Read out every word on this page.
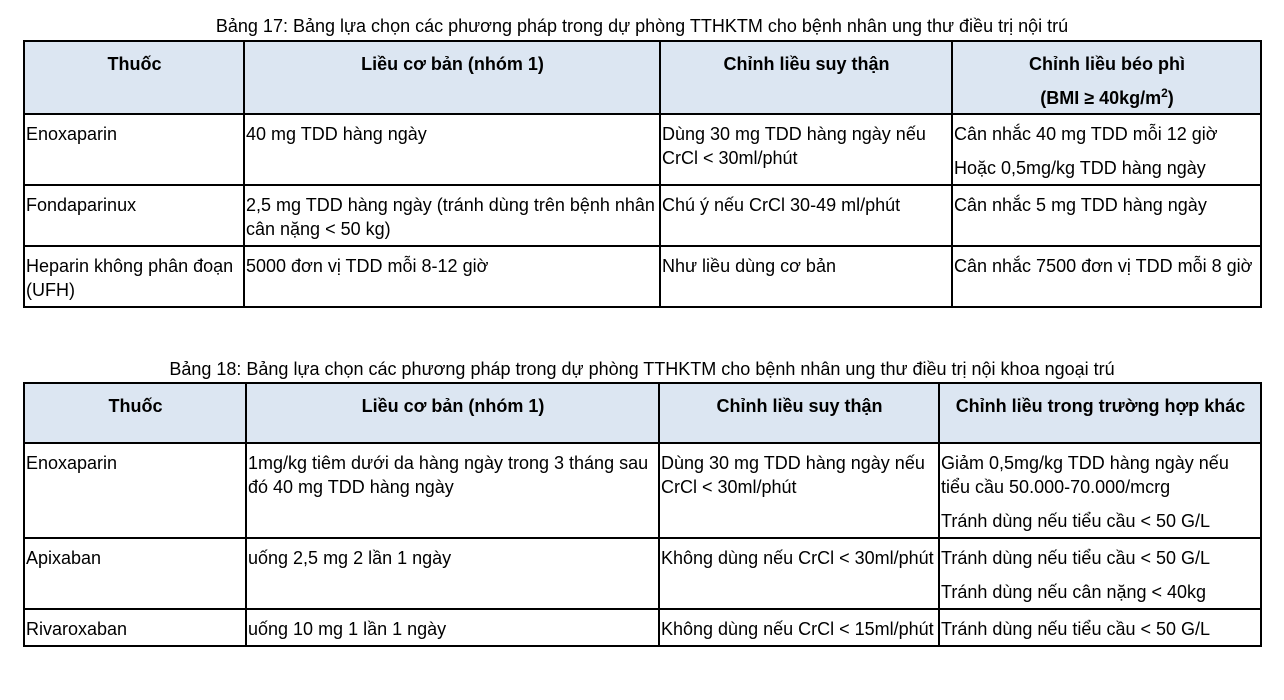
Bảng 17: Bảng lựa chọn các phương pháp trong dự phòng TTHKTM cho bệnh nhân ung thư điều trị nội trú
Thuốc	Liều cơ bản (nhóm 1)	Chỉnh liều suy thận	Chỉnh liều béo phì
$(BMI \ge 40kg/m^2)$

Enoxaparin	40 mg TDD hàng ngày	Dùng 30 mg TDD hàng ngày nếu CrCl < 30ml/phút	Cân nhắc 40 mg TDD mỗi 12 giờ
Hoặc 0,5mg/kg TDD hàng ngày

Fondaparinux	2,5 mg TDD hàng ngày (tránh dùng trên bệnh nhân cân nặng < 50 kg)	Chú ý nếu CrCl 30-49 ml/phút	Cân nhắc 5 mg TDD hàng ngày

Heparin không phân đoạn (UFH)	5000 đơn vị TDD mỗi 8-12 giờ	Như liều dùng cơ bản	Cân nhắc 7500 đơn vị TDD mỗi 8 giờ
Bảng 18: Bảng lựa chọn các phương pháp trong dự phòng TTHKTM cho bệnh nhân ung thư điều trị nội khoa ngoại trú
Thuốc	Liều cơ bản (nhóm 1)	Chỉnh liều suy thận	Chỉnh liều trong trường hợp khác
Enoxaparin	1mg/kg tiêm dưới da hàng ngày trong 3 tháng sau đó 40 mg TDD hàng ngày	Dùng 30 mg TDD hàng ngày nếu CrCl < 30ml/phút	Giảm 0,5mg/kg TDD hàng ngày nếu tiểu cầu 50.000-70.000/mcrg
Tránh dùng nếu tiểu cầu < 50 G/L

Apixaban	uống 2,5 mg 2 lần 1 ngày	Không dùng nếu CrCl < 30ml/phút	Tránh dùng nếu tiểu cầu < 50 G/L
Tránh dùng nếu cân nặng < 40kg

Rivaroxaban	uống 10 mg 1 lần 1 ngày	Không dùng nếu CrCl < 15ml/phút	Tránh dùng nếu tiểu cầu < 50 G/L
